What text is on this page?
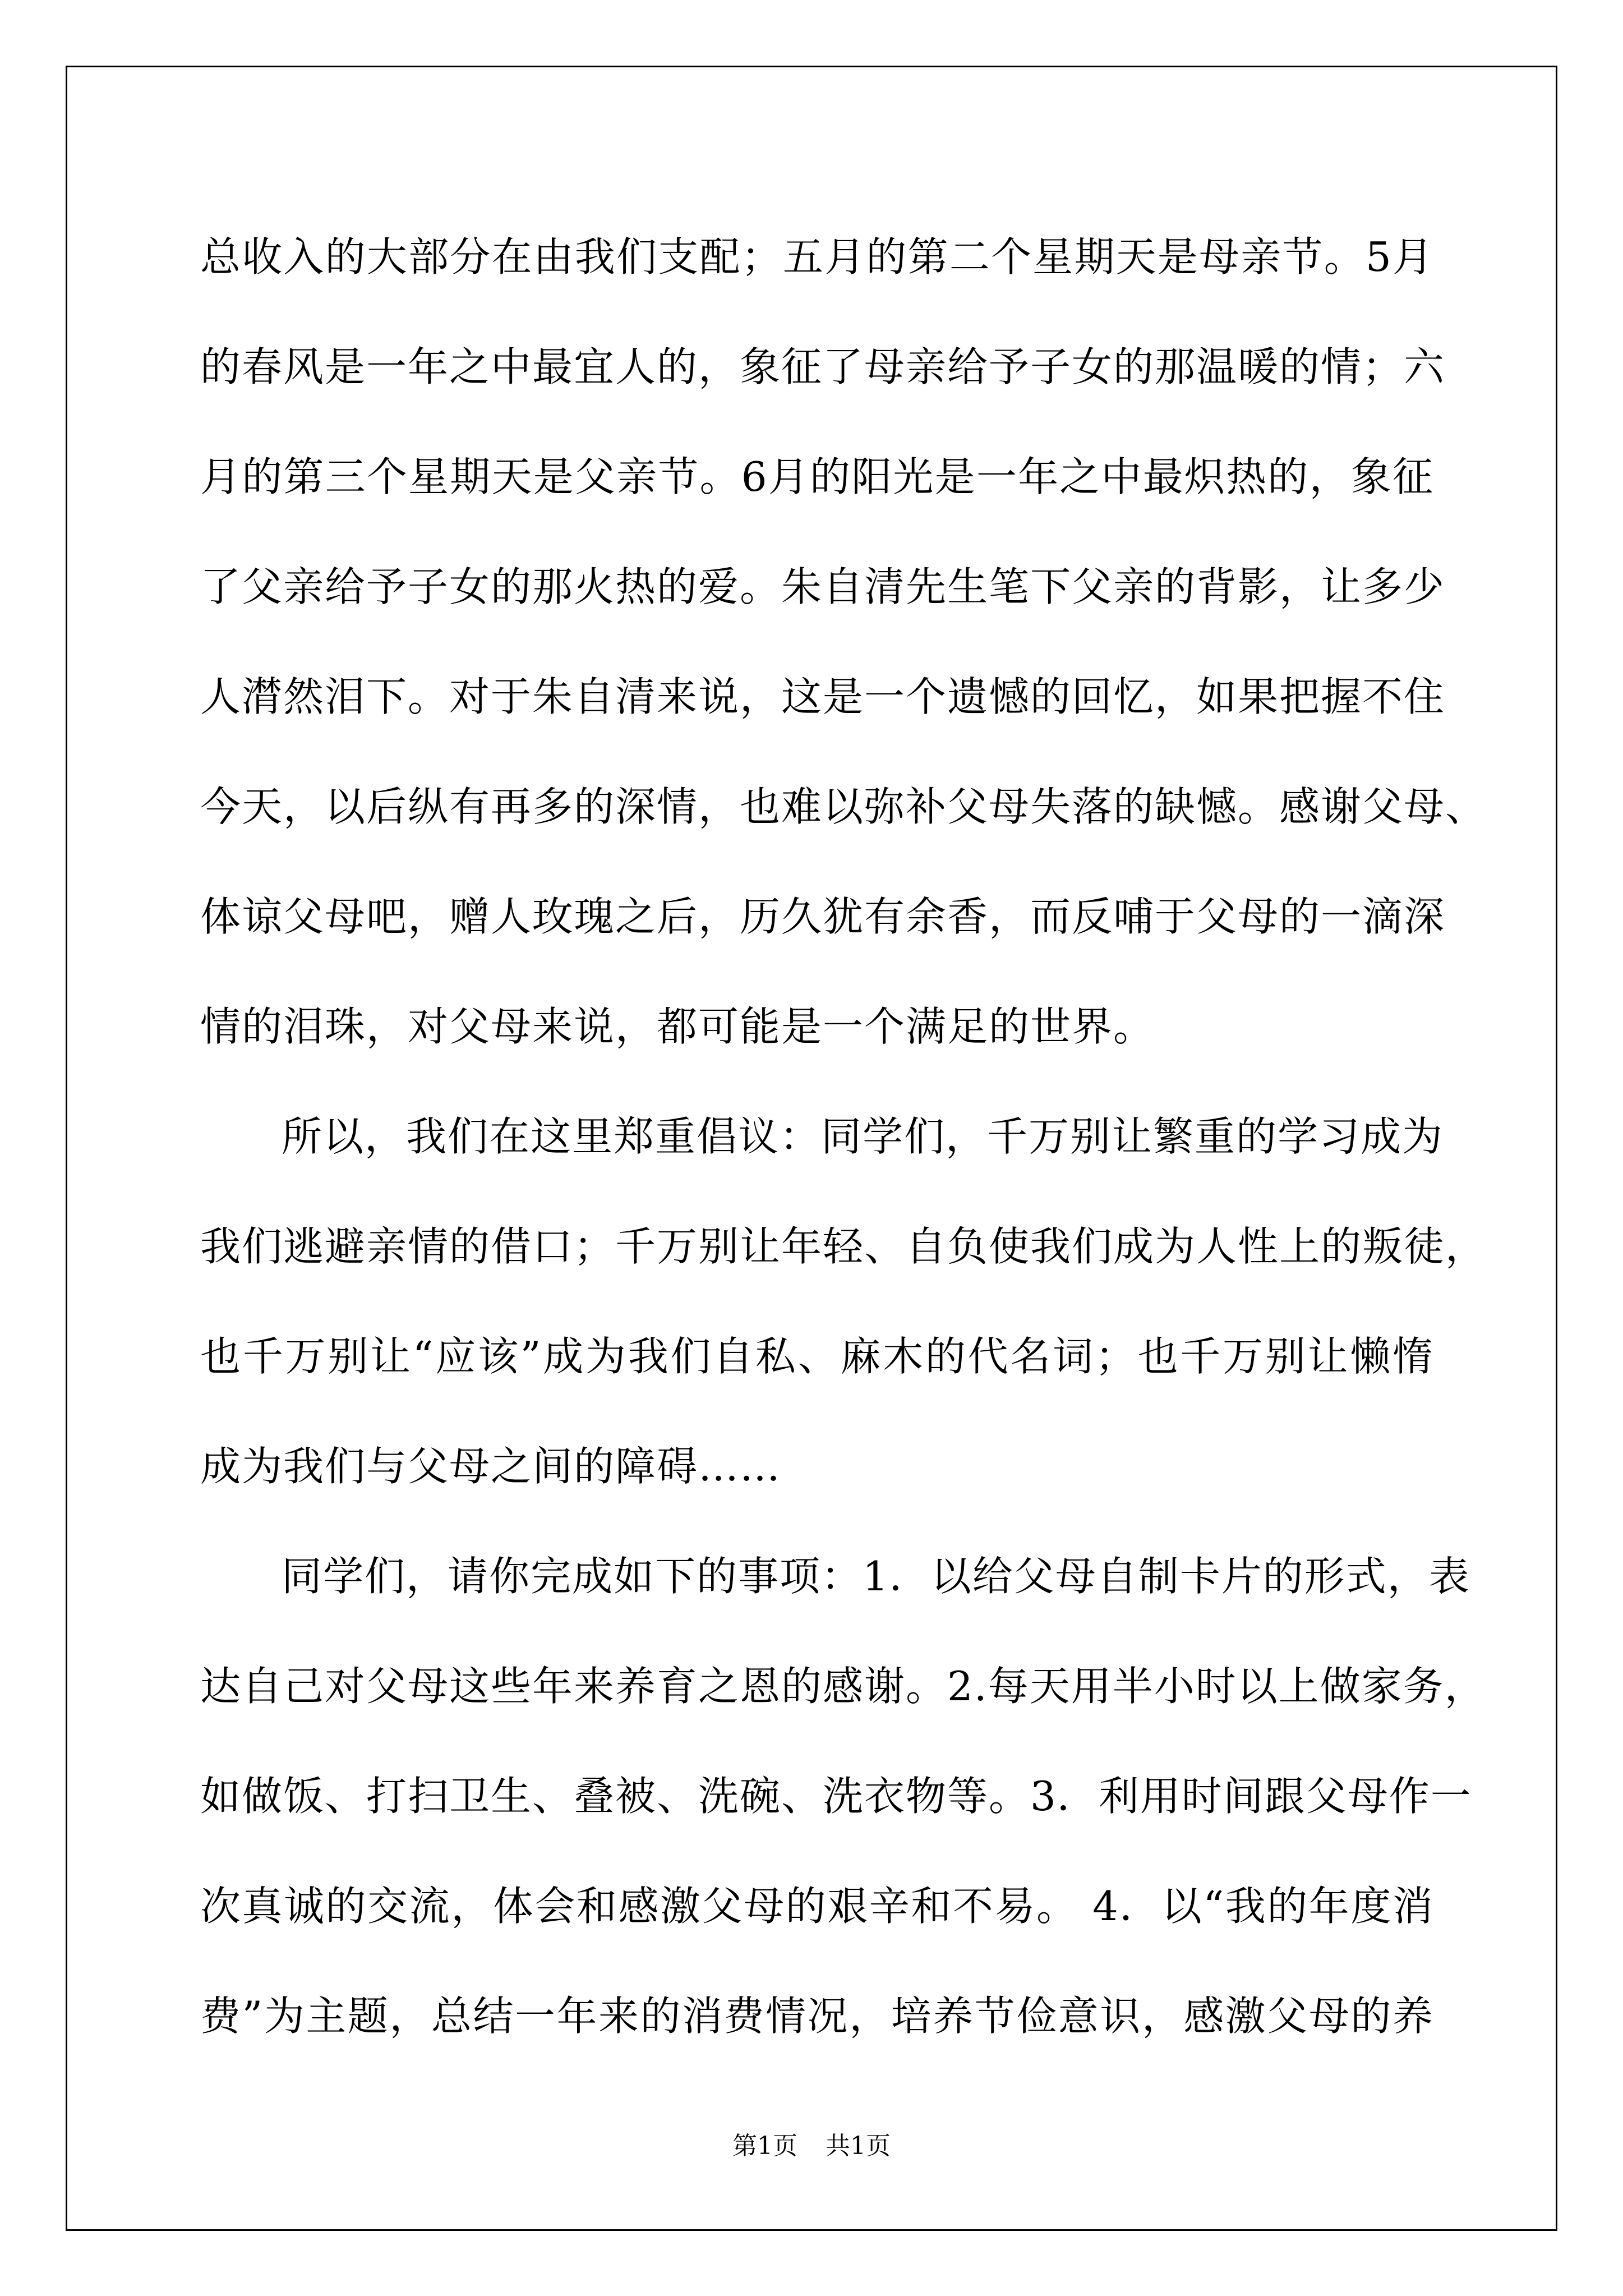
总收入的大部分在由我们支配；五月的第二个星期天是母亲节。5月
的春风是一年之中最宜人的，象征了母亲给予子女的那温暖的情；六
月的第三个星期天是父亲节。6月的阳光是一年之中最炽热的，象征
了父亲给予子女的那火热的爱。朱自清先生笔下父亲的背影，让多少
人潸然泪下。对于朱自清来说，这是一个遗憾的回忆，如果把握不住
今天，以后纵有再多的深情，也难以弥补父母失落的缺憾。感谢父母、
体谅父母吧，赠人玫瑰之后，历久犹有余香，而反哺于父母的一滴深
情的泪珠，对父母来说，都可能是一个满足的世界。
所以，我们在这里郑重倡议：同学们，千万别让繁重的学习成为
我们逃避亲情的借口；千万别让年轻、自负使我们成为人性上的叛徒，
也千万别让“应该”成为我们自私、麻木的代名词；也千万别让懒惰
成为我们与父母之间的障碍……
同学们，请你完成如下的事项：1．以给父母自制卡片的形式，表
达自己对父母这些年来养育之恩的感谢。2.每天用半小时以上做家务，
如做饭、打扫卫生、叠被、洗碗、洗衣物等。3．利用时间跟父母作一
次真诚的交流，体会和感激父母的艰辛和不易。 4．以“我的年度消
费”为主题，总结一年来的消费情况，培养节俭意识，感激父母的养
第1页 共1页
